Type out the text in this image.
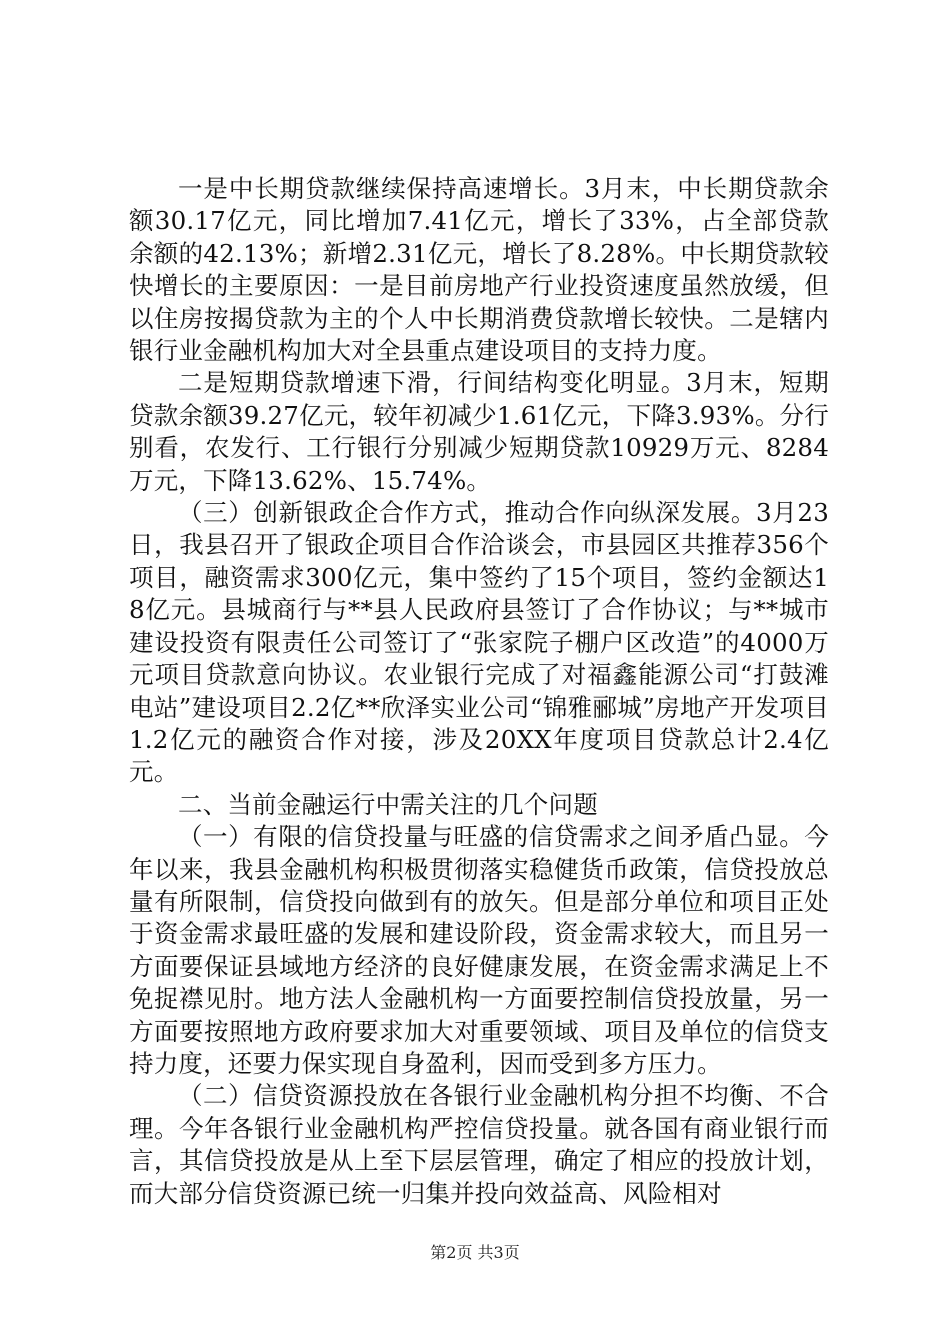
一是中长期贷款继续保持高速增长。3月末，中长期贷款余额30.17亿元，同比增加7.41亿元，增长了33%，占全部贷款余额的42.13%；新增2.31亿元，增长了8.28%。中长期贷款较快增长的主要原因：一是目前房地产行业投资速度虽然放缓，但以住房按揭贷款为主的个人中长期消费贷款增长较快。二是辖内银行业金融机构加大对全县重点建设项目的支持力度。

二是短期贷款增速下滑，行间结构变化明显。3月末，短期贷款余额39.27亿元，较年初减少1.61亿元，下降3.93%。分行别看，农发行、工行银行分别减少短期贷款10929万元、8284万元，下降13.62%、15.74%。

（三）创新银政企合作方式，推动合作向纵深发展。3月23日，我县召开了银政企项目合作洽谈会，市县园区共推荐356个项目，融资需求300亿元，集中签约了15个项目，签约金额达18亿元。县城商行与**县人民政府县签订了合作协议；与**城市建设投资有限责任公司签订了“张家院子棚户区改造”的4000万元项目贷款意向协议。农业银行完成了对福鑫能源公司“打鼓滩电站”建设项目2.2亿**欣泽实业公司“锦雅郦城”房地产开发项目1.2亿元的融资合作对接，涉及20XX年度项目贷款总计2.4亿元。

二、当前金融运行中需关注的几个问题

（一）有限的信贷投量与旺盛的信贷需求之间矛盾凸显。今年以来，我县金融机构积极贯彻落实稳健货币政策，信贷投放总量有所限制，信贷投向做到有的放矢。但是部分单位和项目正处于资金需求最旺盛的发展和建设阶段，资金需求较大，而且另一方面要保证县域地方经济的良好健康发展，在资金需求满足上不免捉襟见肘。地方法人金融机构一方面要控制信贷投放量，另一方面要按照地方政府要求加大对重要领域、项目及单位的信贷支持力度，还要力保实现自身盈利，因而受到多方压力。

（二）信贷资源投放在各银行业金融机构分担不均衡、不合理。今年各银行业金融机构严控信贷投量。就各国有商业银行而言，其信贷投放是从上至下层层管理，确定了相应的投放计划，而大部分信贷资源已统一归集并投向效益高、风险相对

第2页 共3页
